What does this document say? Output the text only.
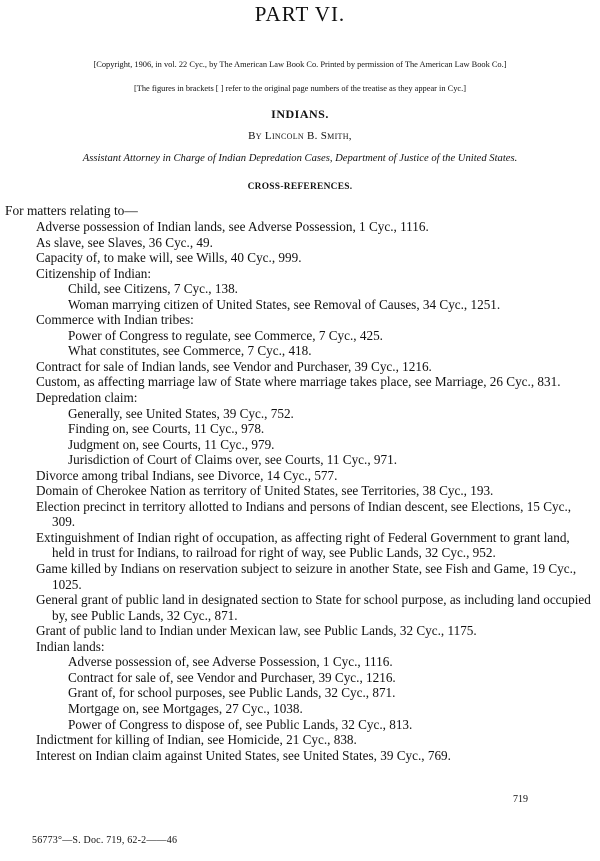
PART VI.
[Copyright, 1906, in vol. 22 Cyc., by The American Law Book Co. Printed by permission of The American Law Book Co.]
[The figures in brackets [ ] refer to the original page numbers of the treatise as they appear in Cyc.]
INDIANS.
By Lincoln B. Smith,
Assistant Attorney in Charge of Indian Depredation Cases, Department of Justice of the United States.
CROSS-REFERENCES.
For matters relating to—
Adverse possession of Indian lands, see Adverse Possession, 1 Cyc., 1116.
As slave, see Slaves, 36 Cyc., 49.
Capacity of, to make will, see Wills, 40 Cyc., 999.
Citizenship of Indian:
Child, see Citizens, 7 Cyc., 138.
Woman marrying citizen of United States, see Removal of Causes, 34 Cyc., 1251.
Commerce with Indian tribes:
Power of Congress to regulate, see Commerce, 7 Cyc., 425.
What constitutes, see Commerce, 7 Cyc., 418.
Contract for sale of Indian lands, see Vendor and Purchaser, 39 Cyc., 1216.
Custom, as affecting marriage law of State where marriage takes place, see Marriage, 26 Cyc., 831.
Depredation claim:
Generally, see United States, 39 Cyc., 752.
Finding on, see Courts, 11 Cyc., 978.
Judgment on, see Courts, 11 Cyc., 979.
Jurisdiction of Court of Claims over, see Courts, 11 Cyc., 971.
Divorce among tribal Indians, see Divorce, 14 Cyc., 577.
Domain of Cherokee Nation as territory of United States, see Territories, 38 Cyc., 193.
Election precinct in territory allotted to Indians and persons of Indian descent, see Elections, 15 Cyc., 309.
Extinguishment of Indian right of occupation, as affecting right of Federal Government to grant land, held in trust for Indians, to railroad for right of way, see Public Lands, 32 Cyc., 952.
Game killed by Indians on reservation subject to seizure in another State, see Fish and Game, 19 Cyc., 1025.
General grant of public land in designated section to State for school purpose, as including land occupied by, see Public Lands, 32 Cyc., 871.
Grant of public land to Indian under Mexican law, see Public Lands, 32 Cyc., 1175.
Indian lands:
Adverse possession of, see Adverse Possession, 1 Cyc., 1116.
Contract for sale of, see Vendor and Purchaser, 39 Cyc., 1216.
Grant of, for school purposes, see Public Lands, 32 Cyc., 871.
Mortgage on, see Mortgages, 27 Cyc., 1038.
Power of Congress to dispose of, see Public Lands, 32 Cyc., 813.
Indictment for killing of Indian, see Homicide, 21 Cyc., 838.
Interest on Indian claim against United States, see United States, 39 Cyc., 769.
719
56773°—S. Doc. 719, 62-2——46
